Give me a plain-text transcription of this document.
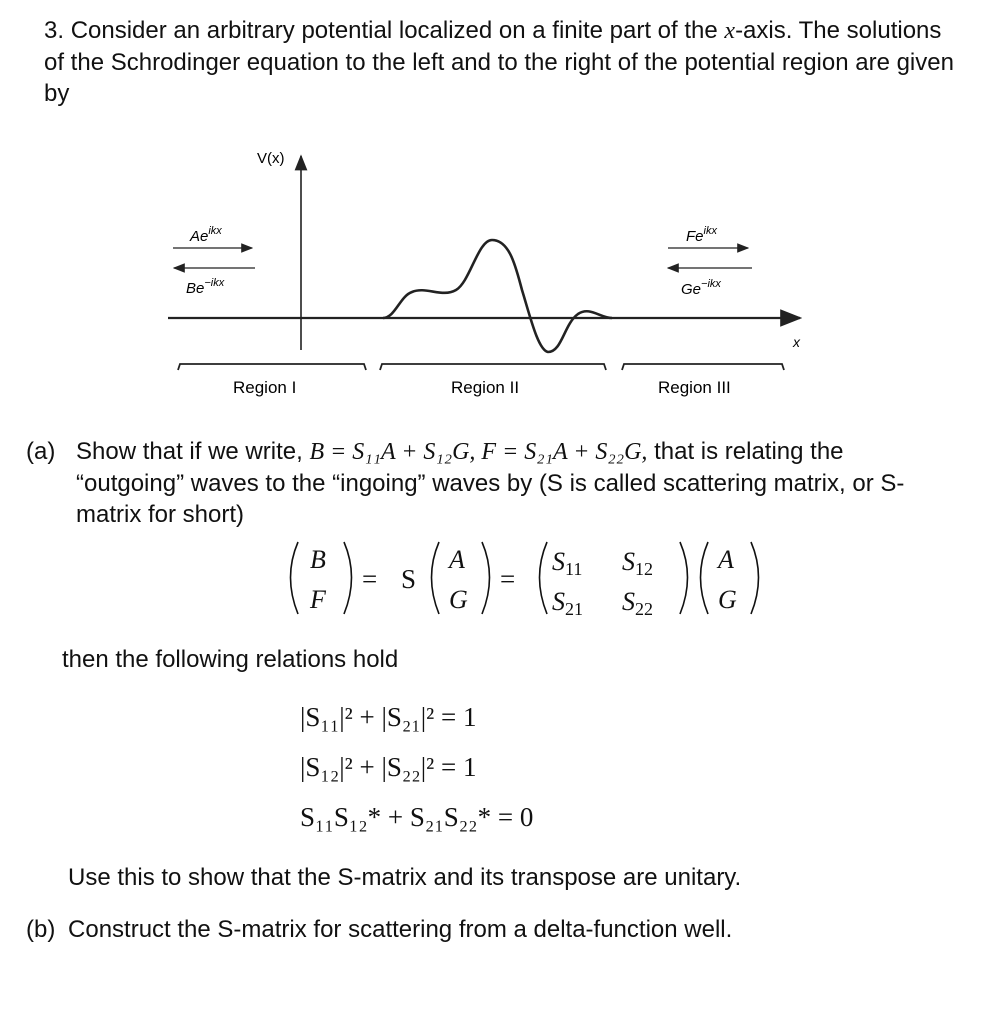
3. Consider an arbitrary potential localized on a finite part of the x-axis. The solutions of the Schrodinger equation to the left and to the right of the potential region are given by
V(x)
x
$Ae^{ikx}$
$Be^{-ikx}$
$Fe^{ikx}$
$Ge^{-ikx}$
Region I	Region II	Region III
(a) Show that if we write, B = S₁₁A + S₁₂G, F = S₂₁A + S₂₂G, that is relating the “outgoing” waves to the “ingoing” waves by (S is called scattering matrix, or S-matrix for short)
B
F
A
G
A
G
S11 S12
S21 S22
= S	=
then the following relations hold
|S₁₁|² + |S₂₁|² = 1
|S₁₂|² + |S₂₂|² = 1
S₁₁S₁₂* + S₂₁S₂₂* = 0
Use this to show that the S-matrix and its transpose are unitary.
(b) Construct the S-matrix for scattering from a delta-function well.
